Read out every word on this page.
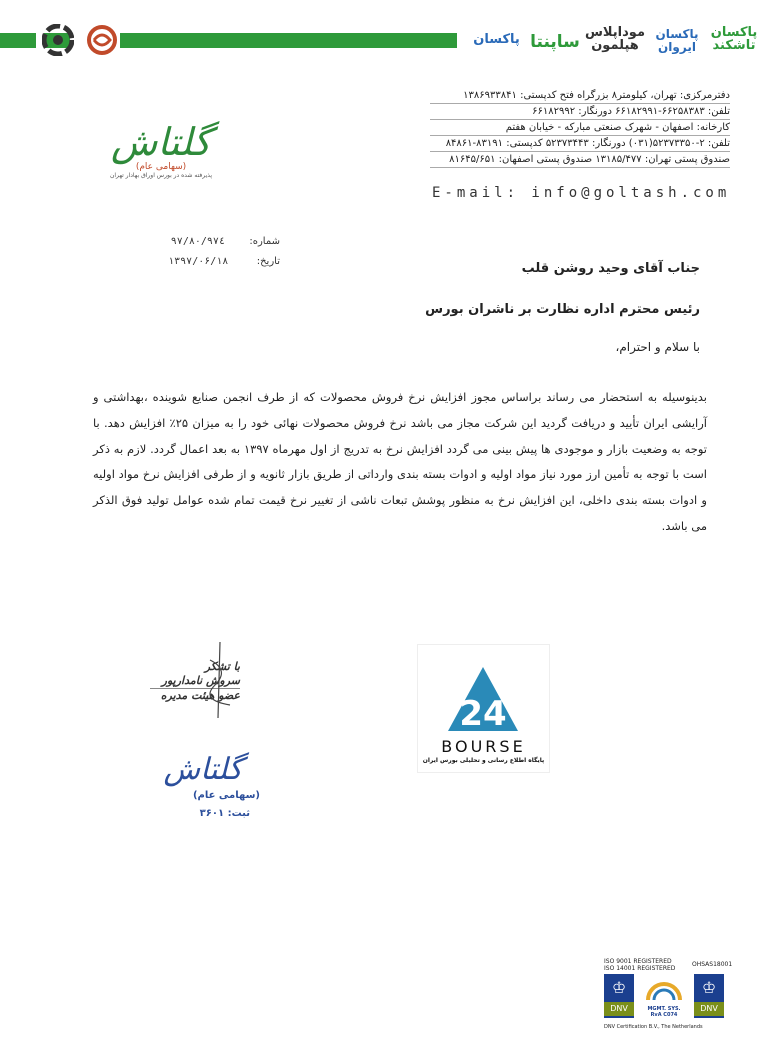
پاکسان تاشکند
پاکسان ایروان
موداپلاس هپلمون
ساپنتا
پاکسان
دفترمرکزی: تهران، کیلومتر۸ بزرگراه فتح کدپستی: ۱۳۸۶۹۳۳۸۴۱
تلفن: ۶۶۲۵۸۳۸۳-۶۶۱۸۲۹۹۱ دورنگار: ۶۶۱۸۲۹۹۲
کارخانه: اصفهان - شهرک صنعتی مبارکه - خیابان هفتم
تلفن: ۲-۵۲۳۷۳۳۵۰(۰۳۱) دورنگار: ۵۲۳۷۳۴۴۳ کدپستی: ۸۳۱۹۱-۸۴۸۶۱
صندوق پستی تهران: ۱۳۱۸۵/۴۷۷ صندوق پستی اصفهان: ۸۱۶۴۵/۶۵۱
E-mail: info@goltash.com
گلتاش
(سهامی عام)
پذیرفته شده در بورس اوراق بهادار تهران
شماره:  ۹۷/۸۰/۹۷٤
تاریخ:  ۱۳۹۷/۰۶/۱۸	جناب آقای وحید روشن قلب
رئیس محترم اداره نظارت بر ناشران بورس
با سلام و احترام،
بدینوسیله به استحضار می رساند براساس مجوز افزایش نرخ فروش محصولات که از طرف انجمن صنایع شوینده ،بهداشتی و آرایشی ایران تأیید و دریافت گردید این شرکت مجاز می باشد نرخ فروش محصولات نهائی خود را به میزان ۲۵٪ افزایش دهد. با توجه به وضعیت بازار و موجودی ها پیش بینی می گردد افزایش نرخ به تدریج از اول مهرماه ۱۳۹۷ به بعد اعمال گردد. لازم به ذکر است با توجه به تأمین ارز مورد نیاز مواد اولیه و ادوات بسته بندی وارداتی از طریق بازار ثانویه و از طرفی افزایش نرخ مواد اولیه و ادوات بسته بندی داخلی، این افزایش نرخ به منظور پوشش تبعات ناشی از تغییر نرخ قیمت تمام شده عوامل تولید فوق الذکر می باشد.
با تشکر
سروش نامدارپور
عضو هیئت مدیره
گلتاش
(سهامی عام)
ثبت: ۳۶۰۱
24
BOURSE
پایگاه اطلاع رسانی و تحلیلی بورس ایران
ISO 9001 REGISTERED
ISO 14001 REGISTERED
OHSAS18001
♔
DNV	MGMT. SYS. RvA C074
♔
DNV
DNV Certification B.V., The Netherlands
